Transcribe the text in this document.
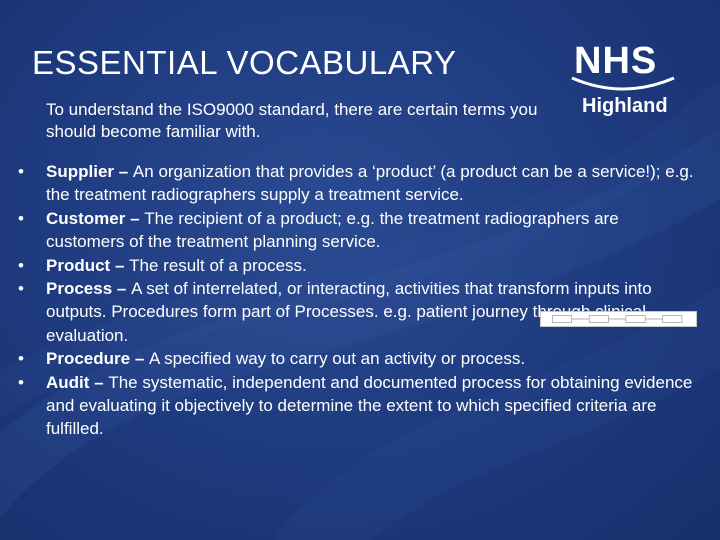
ESSENTIAL VOCABULARY	NHS
Highland
To understand the ISO9000 standard, there are certain terms you should become familiar with.
• Supplier – An organization that provides a ‘product’ (a product can be a service!); e.g. the treatment radiographers supply a treatment service.
• Customer – The recipient of a product; e.g. the treatment radiographers are customers of the treatment planning service.
• Product – The result of a process.
• Process – A set of interrelated, or interacting, activities that transform inputs into outputs. Procedures form part of Processes. e.g. patient journey through clinical evaluation.
• Procedure – A specified way to carry out an activity or process.
• Audit – The systematic, independent and documented process for obtaining evidence and evaluating it objectively to determine the extent to which specified criteria are fulfilled.
